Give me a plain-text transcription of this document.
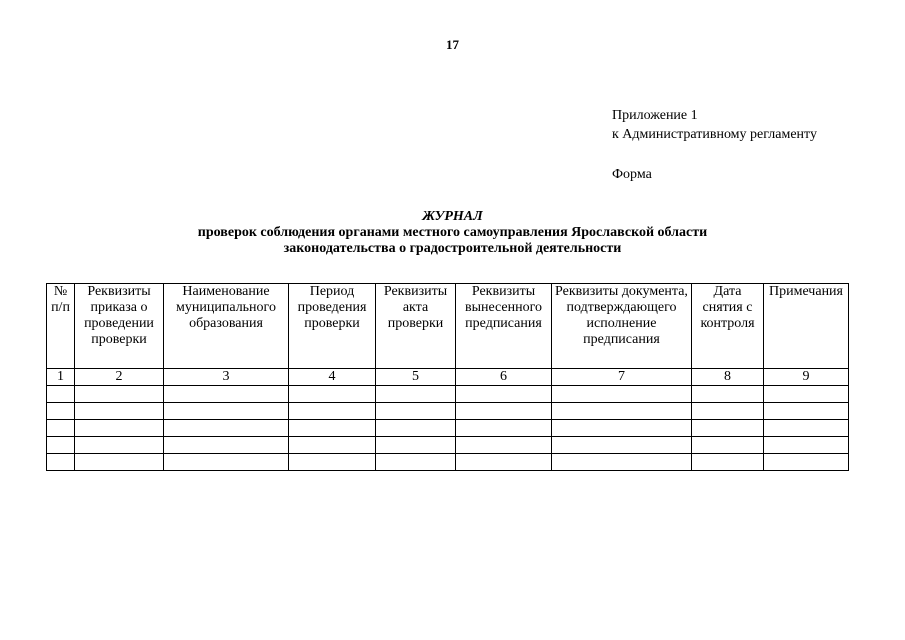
17
Приложение 1
к Административному регламенту
Форма
ЖУРНАЛ
проверок соблюдения органами местного самоуправления Ярославской области
законодательства о градостроительной деятельности
№ п/п	Реквизиты приказа о проведении проверки	Наименование муниципального образования	Период проведения проверки	Реквизиты акта проверки	Реквизиты вынесенного предписания	Реквизиты документа, подтверждающего исполнение предписания	Дата снятия с контроля	Примечания
1	2	3	4	5	6	7	8	9
